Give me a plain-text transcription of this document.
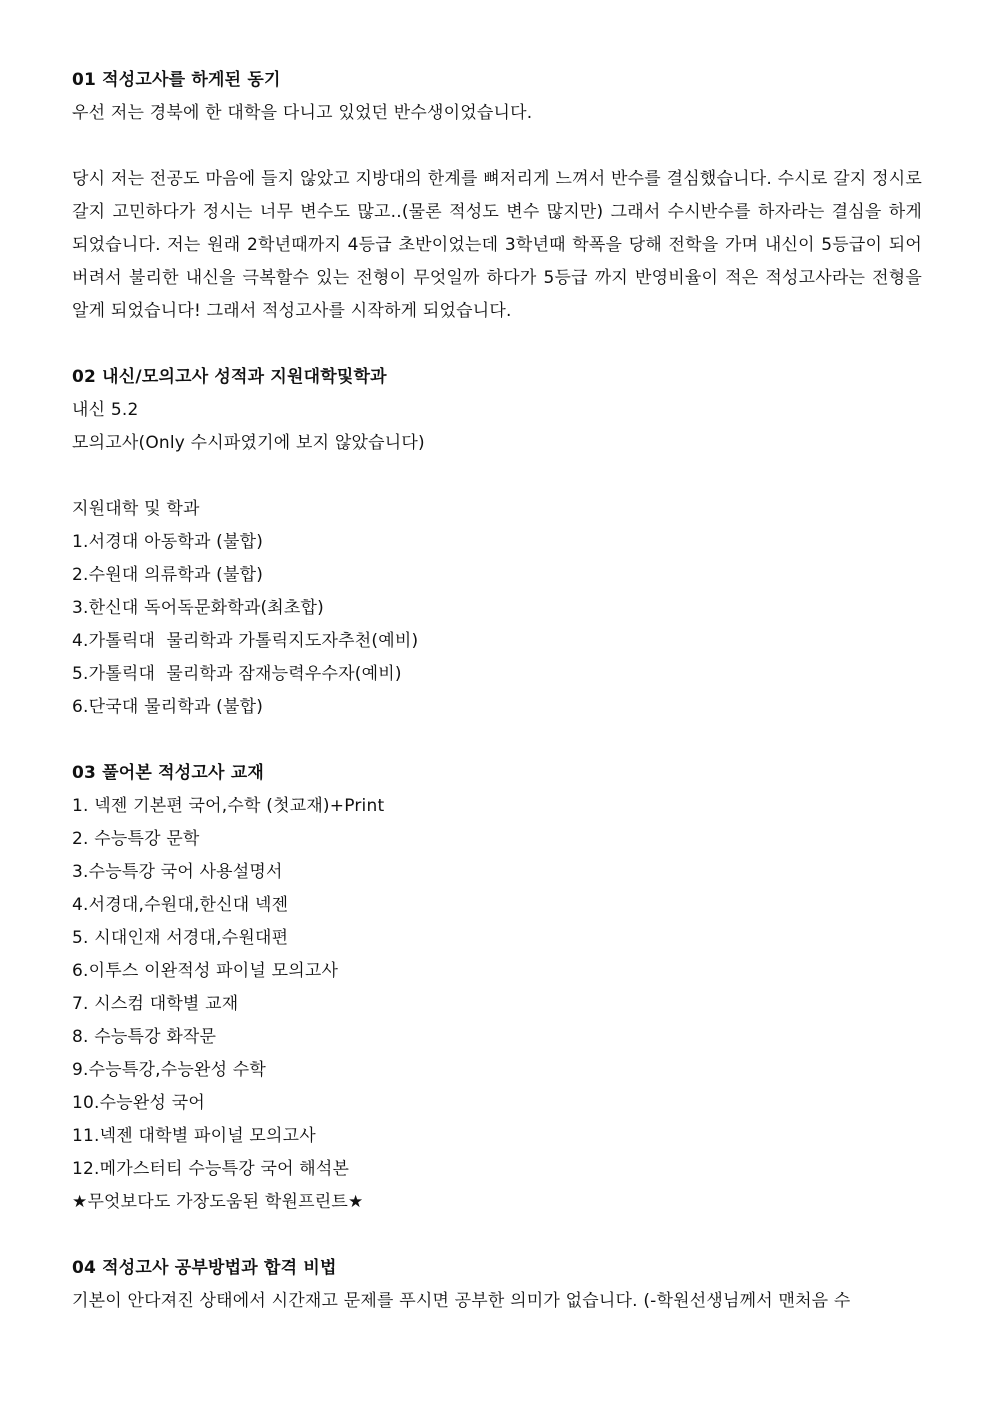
01 적성고사를 하게된 동기

우선 저는 경북에 한 대학을 다니고 있었던 반수생이었습니다.

당시 저는 전공도 마음에 들지 않았고 지방대의 한계를 뼈저리게 느껴서 반수를 결심했습니다. 수시로 갈지 정시로 갈지 고민하다가 정시는 너무 변수도 많고..(물론 적성도 변수 많지만) 그래서 수시반수를 하자라는 결심을 하게 되었습니다. 저는 원래 2학년때까지 4등급 초반이었는데 3학년때 학폭을 당해 전학을 가며 내신이 5등급이 되어버려서 불리한 내신을 극복할수 있는 전형이 무엇일까 하다가 5등급 까지 반영비율이 적은 적성고사라는 전형을 알게 되었습니다! 그래서 적성고사를 시작하게 되었습니다.

02 내신/모의고사 성적과 지원대학및학과

내신 5.2

모의고사(Only 수시파였기에 보지 않았습니다)

지원대학 및 학과

1.서경대 아동학과 (불합)

2.수원대 의류학과 (불합)

3.한신대 독어독문화학과(최초합)

4.가톨릭대  물리학과 가톨릭지도자추천(예비)

5.가톨릭대  물리학과 잠재능력우수자(예비)

6.단국대 물리학과 (불합)

03 풀어본 적성고사 교재

1. 넥젠 기본편 국어,수학 (첫교재)+Print

2. 수능특강 문학

3.수능특강 국어 사용설명서

4.서경대,수원대,한신대 넥젠

5. 시대인재 서경대,수원대편

6.이투스 이완적성 파이널 모의고사

7. 시스컴 대학별 교재

8. 수능특강 화작문

9.수능특강,수능완성 수학

10.수능완성 국어

11.넥젠 대학별 파이널 모의고사

12.메가스터티 수능특강 국어 해석본

★무엇보다도 가장도움된 학원프린트★

04 적성고사 공부방법과 합격 비법

기본이 안다져진 상태에서 시간재고 문제를 푸시면 공부한 의미가 없습니다. (-학원선생님께서 맨처음 수
